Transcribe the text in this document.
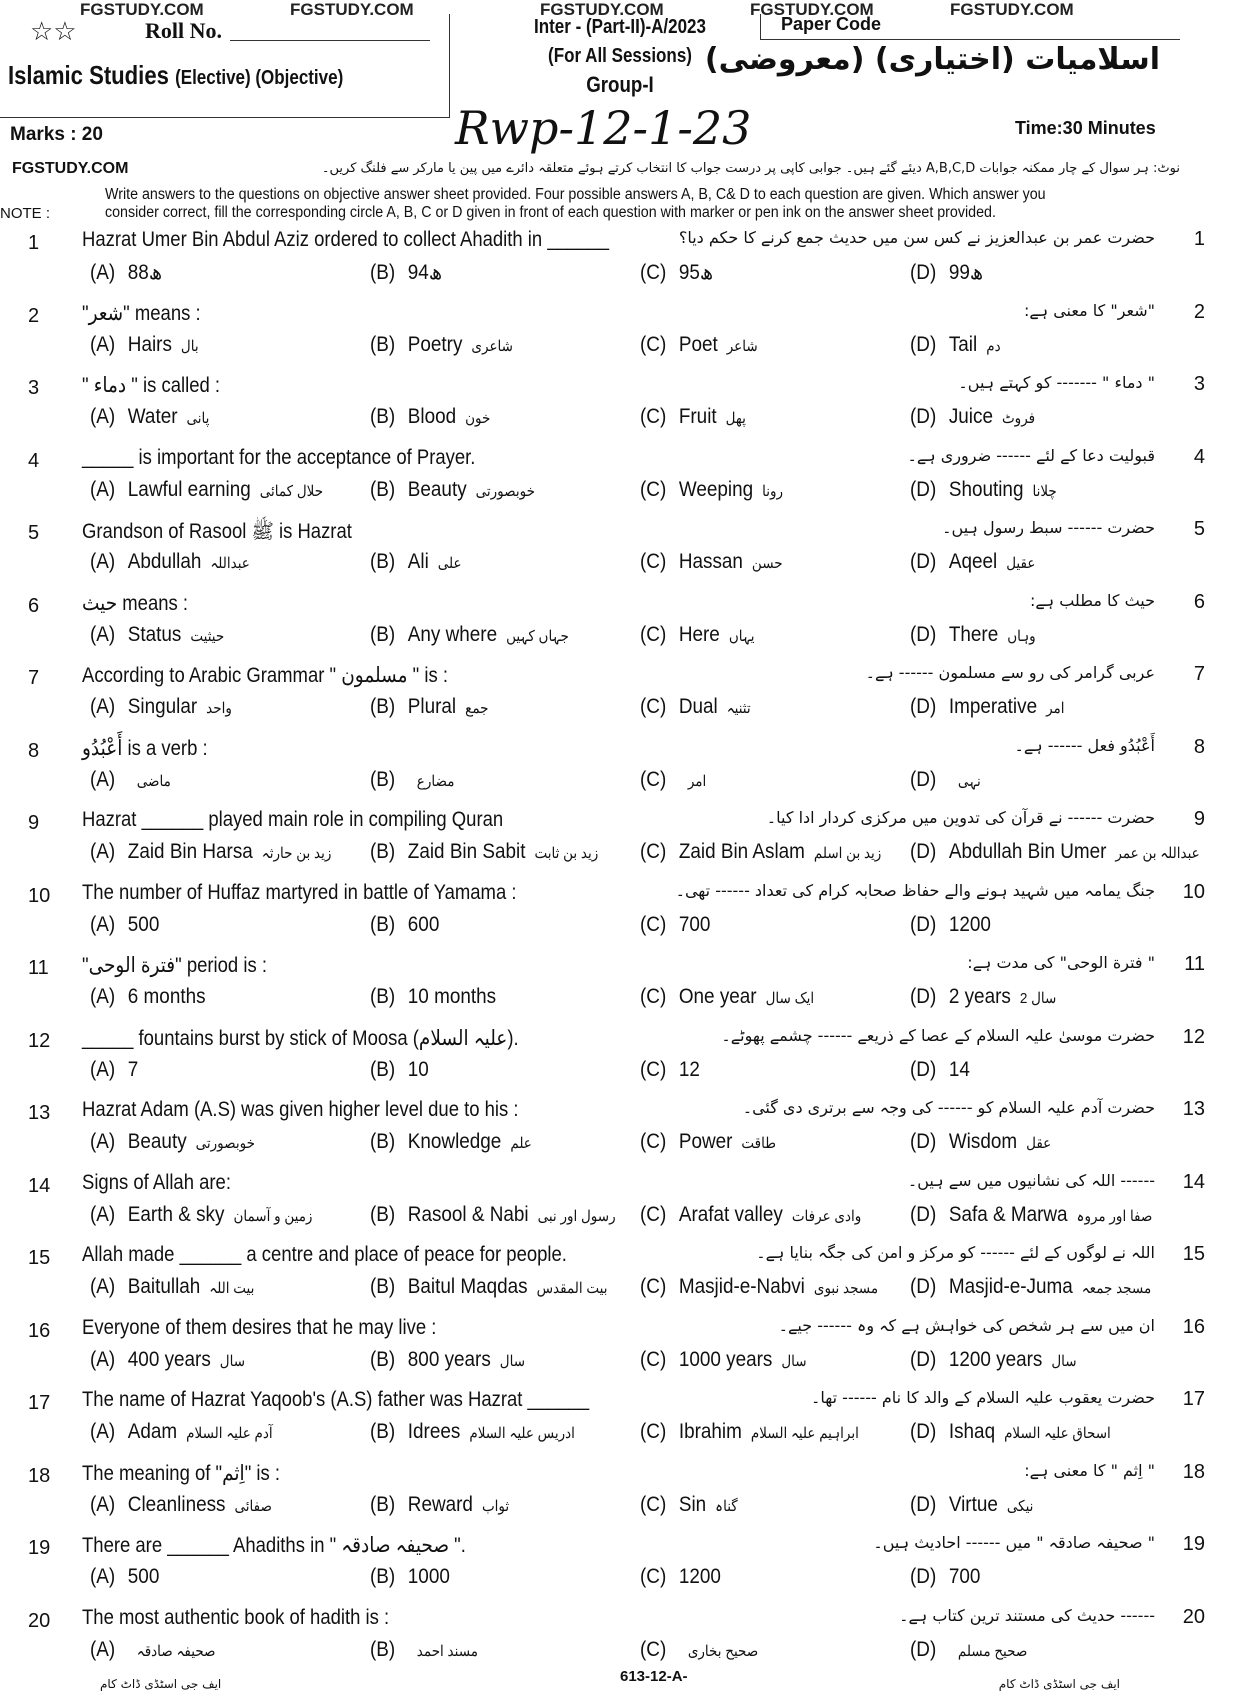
FGSTUDY.COM	FGSTUDY.COM	FGSTUDY.COM	FGSTUDY.COM	FGSTUDY.COM
☆☆	Roll No.
Islamic Studies (Elective) (Objective)
Inter - (Part-II)-A/2023
(For All Sessions)
Group-I
Paper Code
اسلامیات (اختیاری) (معروضی)
Rwp-12-1-23
Marks : 20	Time:30 Minutes
FGSTUDY.COM	نوٹ: ہر سوال کے چار ممکنہ جوابات A,B,C,D دیئے گئے ہیں۔ جوابی کاپی پر درست جواب کا انتخاب کرتے ہوئے متعلقہ دائرے میں پین یا مارکر سے فلنگ کریں۔
NOTE :
Write answers to the questions on objective answer sheet provided. Four possible answers A, B, C& D to each question are given. Which answer you consider correct, fill the corresponding circle A, B, C or D given in front of each question with marker or pen ink on the answer sheet provided.
1 Hazrat Umer Bin Abdul Aziz ordered to collect Ahadith in ______	حضرت عمر بن عبدالعزیز نے کس سن میں حدیث جمع کرنے کا حکم دیا؟ 1
(A) 88ھ	(B) 94ھ	(C) 95ھ	(D) 99ھ
2 "شعر" means :	"شعر" کا معنی ہے: 2
(A) Hairs بال	(B) Poetry شاعری	(C) Poet شاعر	(D) Tail دم
3 " دماء " is called :	" دماء " ------- کو کہتے ہیں۔ 3
(A) Water پانی	(B) Blood خون	(C) Fruit پھل	(D) Juice فروٹ
4 _____ is important for the acceptance of Prayer.	قبولیت دعا کے لئے ------ ضروری ہے۔ 4
(A) Lawful earning حلال کمائی (B) Beauty خوبصورتی	(C) Weeping رونا	(D) Shouting چلانا
5 Grandson of Rasool ﷺ is Hazrat	حضرت ------ سبط رسول ہیں۔ 5
(A) Abdullah عبداللہ	(B) Ali علی	(C) Hassan حسن	(D) Aqeel عقیل
6 حیث means :	حیث کا مطلب ہے: 6
(A) Status حیثیت	(B) Any where جہاں کہیں	(C) Here یہاں	(D) There وہاں
7 According to Arabic Grammar " مسلمون " is :	عربی گرامر کی رو سے مسلمون ------ ہے۔ 7
(A) Singular واحد	(B) Plural جمع	(C) Dual تثنیہ	(D) Imperative امر
8 أَعْبُدُو is a verb :	أَعْبُدُو فعل ------ ہے۔ 8
(A) ماضی	(B) مضارع	(C) امر	(D) نہی
9 Hazrat ______ played main role in compiling Quran	حضرت ------ نے قرآن کی تدوین میں مرکزی کردار ادا کیا۔ 9
(A) Zaid Bin Harsa زید بن حارثہ (B) Zaid Bin Sabit زید بن ثابت (C) Zaid Bin Aslam زید بن اسلم (D) Abdullah Bin Umer عبداللہ بن عمر
10 The number of Huffaz martyred in battle of Yamama :	جنگ یمامہ میں شہید ہونے والے حفاظ صحابہ کرام کی تعداد ------ تھی۔ 10
(A) 500	(B) 600	(C) 700	(D) 1200
11 "فترة الوحی" period is :	" فترة الوحی" کی مدت ہے: 11
(A) 6 months	(B) 10 months	(C) One year ایک سال	(D) 2 years 2 سال
12 _____ fountains burst by stick of Moosa (علیہ السلام).	حضرت موسیٰ علیہ السلام کے عصا کے ذریعے ------ چشمے پھوٹے۔ 12
(A) 7	(B) 10	(C) 12	(D) 14
13 Hazrat Adam (A.S) was given higher level due to his :	حضرت آدم علیہ السلام کو ------ کی وجہ سے برتری دی گئی۔ 13
(A) Beauty خوبصورتی	(B) Knowledge علم	(C) Power طاقت	(D) Wisdom عقل
14 Signs of Allah are:	------ اللہ کی نشانیوں میں سے ہیں۔ 14
(A) Earth & sky زمین و آسمان	(B) Rasool & Nabi رسول اور نبی (C) Arafat valley وادی عرفات (D) Safa & Marwa صفا اور مروہ
15 Allah made ______ a centre and place of peace for people.	اللہ نے لوگوں کے لئے ------ کو مرکز و امن کی جگہ بنایا ہے۔ 15
(A) Baitullah بیت اللہ	(B) Baitul Maqdas بیت المقدس (C) Masjid-e-Nabvi مسجد نبوی (D) Masjid-e-Juma مسجد جمعہ
16 Everyone of them desires that he may live :	ان میں سے ہر شخص کی خواہش ہے کہ وہ ------ جیے۔ 16
(A) 400 years سال	(B) 800 years سال	(C) 1000 years سال	(D) 1200 years سال
17 The name of Hazrat Yaqoob's (A.S) father was Hazrat ______	حضرت یعقوب علیہ السلام کے والد کا نام ------ تھا۔ 17
(A) Adam آدم علیہ السلام	(B) Idrees ادریس علیہ السلام	(C) Ibrahim ابراہیم علیہ السلام (D) Ishaq اسحاق علیہ السلام
18 The meaning of "اِثم" is :	" اِثم " کا معنی ہے: 18
(A) Cleanliness صفائی	(B) Reward ثواب	(C) Sin گناہ	(D) Virtue نیکی
19 There are ______ Ahadiths in " صحیفہ صادقہ ".	" صحیفہ صادقہ " میں ------ احادیث ہیں۔ 19
(A) 500	(B) 1000	(C) 1200	(D) 700
20 The most authentic book of hadith is :	------ حدیث کی مستند ترین کتاب ہے۔ 20
(A) صحیفہ صادقہ	(B) مسند احمد	(C) صحیح بخاری	(D) صحیح مسلم
613-12-A-
ایف جی اسٹڈی ڈاٹ کام	ایف جی اسٹڈی ڈاٹ کام
